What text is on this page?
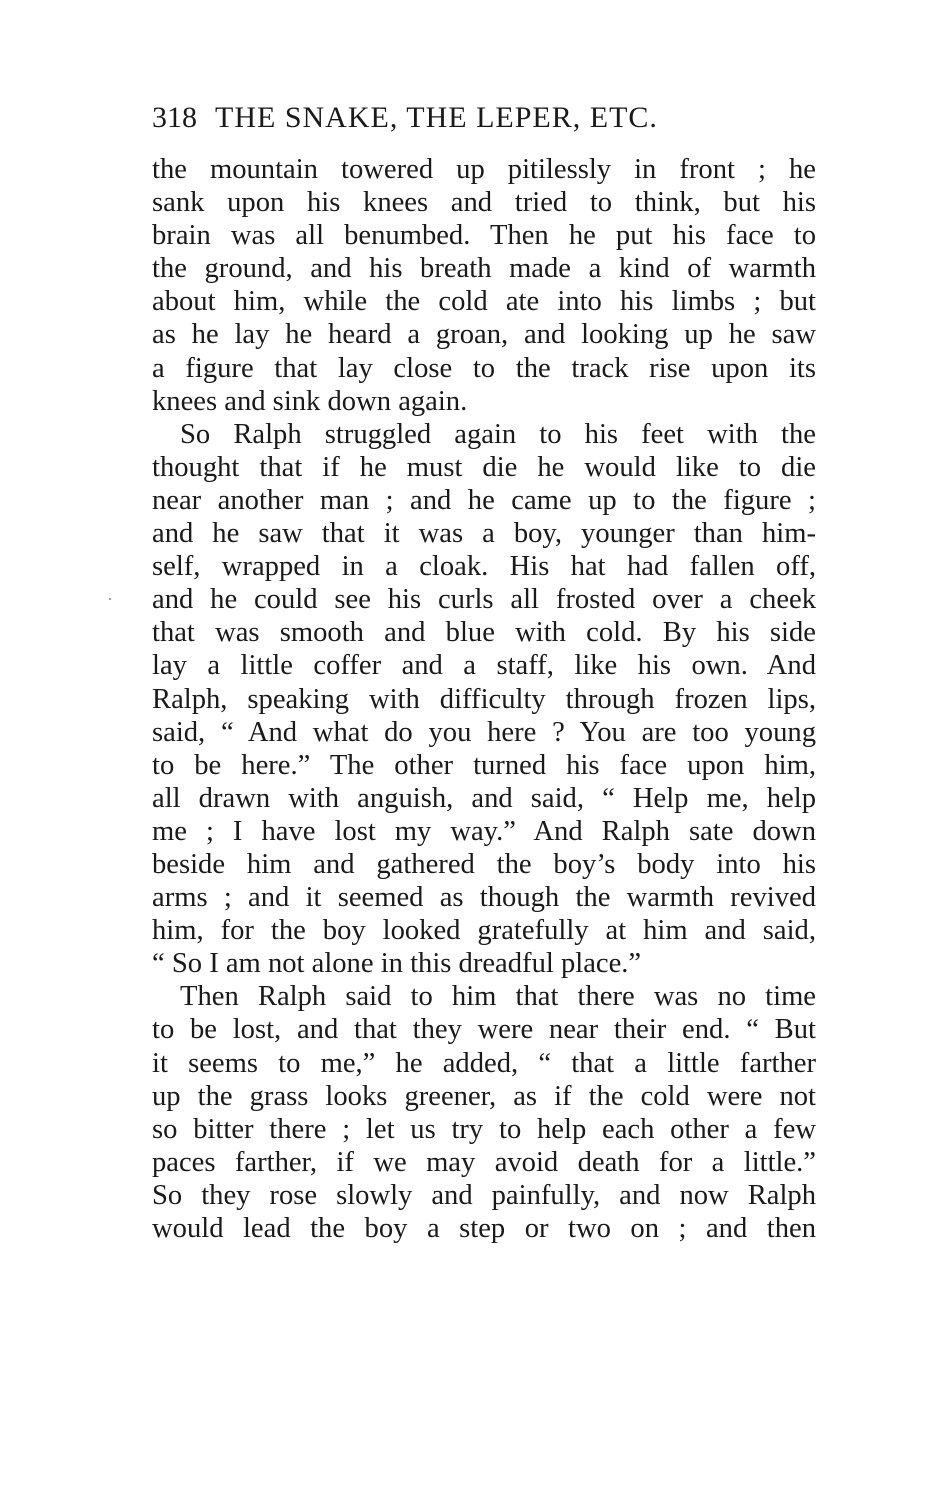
318 THE SNAKE, THE LEPER, ETC.
the mountain towered up pitilessly in front ; he
sank upon his knees and tried to think, but his
brain was all benumbed. Then he put his face to
the ground, and his breath made a kind of warmth
about him, while the cold ate into his limbs ; but
as he lay he heard a groan, and looking up he saw
a figure that lay close to the track rise upon its
knees and sink down again.
So Ralph struggled again to his feet with the
thought that if he must die he would like to die
near another man ; and he came up to the figure ;
and he saw that it was a boy, younger than him-
self, wrapped in a cloak. His hat had fallen off,
and he could see his curls all frosted over a cheek
that was smooth and blue with cold. By his side
lay a little coffer and a staff, like his own. And
Ralph, speaking with difficulty through frozen lips,
said, “ And what do you here ? You are too young
to be here.” The other turned his face upon him,
all drawn with anguish, and said, “ Help me, help
me ; I have lost my way.” And Ralph sate down
beside him and gathered the boy’s body into his
arms ; and it seemed as though the warmth revived
him, for the boy looked gratefully at him and said,
“ So I am not alone in this dreadful place.”
Then Ralph said to him that there was no time
to be lost, and that they were near their end. “ But
it seems to me,” he added, “ that a little farther
up the grass looks greener, as if the cold were not
so bitter there ; let us try to help each other a few
paces farther, if we may avoid death for a little.”
So they rose slowly and painfully, and now Ralph
would lead the boy a step or two on ; and then
